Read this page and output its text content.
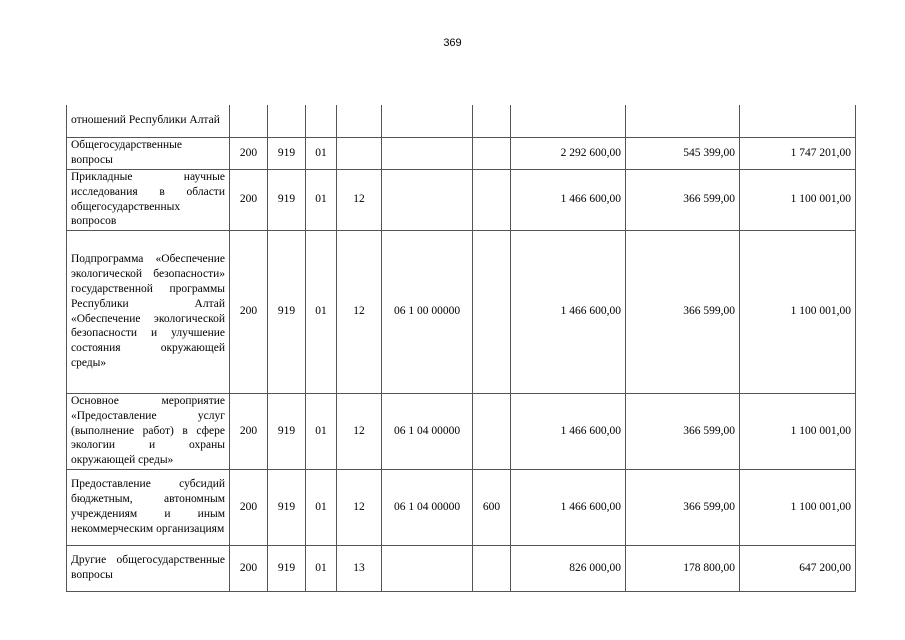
369
отношений Республики Алтай									
Общегосударственные вопросы	200	919	01				2 292 600,00	545 399,00	1 747 201,00
Прикладные научные исследования в области общегосударственных вопросов	200	919	01	12			1 466 600,00	366 599,00	1 100 001,00
Подпрограмма «Обеспечение экологической безопасности» государственной программы Республики Алтай «Обеспечение экологической безопасности и улучшение состояния окружающей среды»	200	919	01	12	06 1 00 00000		1 466 600,00	366 599,00	1 100 001,00
Основное мероприятие «Предоставление услуг (выполнение работ) в сфере экологии и охраны окружающей среды»	200	919	01	12	06 1 04 00000		1 466 600,00	366 599,00	1 100 001,00
Предоставление субсидий бюджетным, автономным учреждениям и иным некоммерческим организациям	200	919	01	12	06 1 04 00000	600	1 466 600,00	366 599,00	1 100 001,00
Другие общегосударственные вопросы	200	919	01	13			826 000,00	178 800,00	647 200,00
